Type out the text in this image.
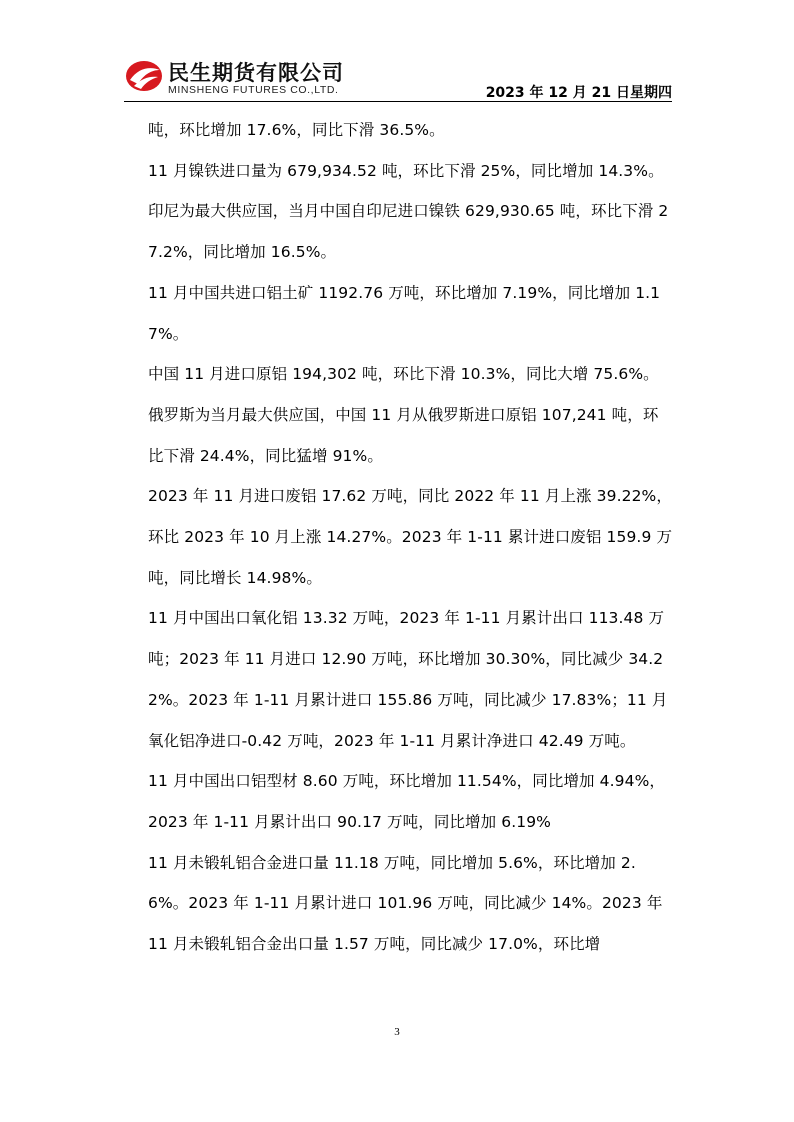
民生期货有限公司
MINSHENG FUTURES CO.,LTD.	2023 年 12 月 21 日星期四

吨，环比增加 17.6%，同比下滑 36.5%。

11 月镍铁进口量为 679,934.52 吨，环比下滑 25%，同比增加 14.3%。印尼为最大供应国，当月中国自印尼进口镍铁 629,930.65 吨，环比下滑 27.2%，同比增加 16.5%。

11 月中国共进口铝土矿 1192.76 万吨，环比增加 7.19%，同比增加 1.17%。

中国 11 月进口原铝 194,302 吨，环比下滑 10.3%，同比大增 75.6%。俄罗斯为当月最大供应国，中国 11 月从俄罗斯进口原铝 107,241 吨，环比下滑 24.4%，同比猛增 91%。

2023 年 11 月进口废铝 17.62 万吨，同比 2022 年 11 月上涨 39.22%，环比 2023 年 10 月上涨 14.27%。2023 年 1-11 累计进口废铝 159.9 万吨，同比增长 14.98%。

11 月中国出口氧化铝 13.32 万吨，2023 年 1-11 月累计出口 113.48 万吨；2023 年 11 月进口 12.90 万吨，环比增加 30.30%，同比减少 34.22%。2023 年 1-11 月累计进口 155.86 万吨，同比减少 17.83%；11 月氧化铝净进口-0.42 万吨，2023 年 1-11 月累计净进口 42.49 万吨。

11 月中国出口铝型材 8.60 万吨，环比增加 11.54%，同比增加 4.94%，2023 年 1-11 月累计出口 90.17 万吨，同比增加 6.19%

11 月未锻轧铝合金进口量 11.18 万吨，同比增加 5.6%，环比增加 2.6%。2023 年 1-11 月累计进口 101.96 万吨，同比减少 14%。2023 年 11 月未锻轧铝合金出口量 1.57 万吨，同比减少 17.0%，环比增

3
